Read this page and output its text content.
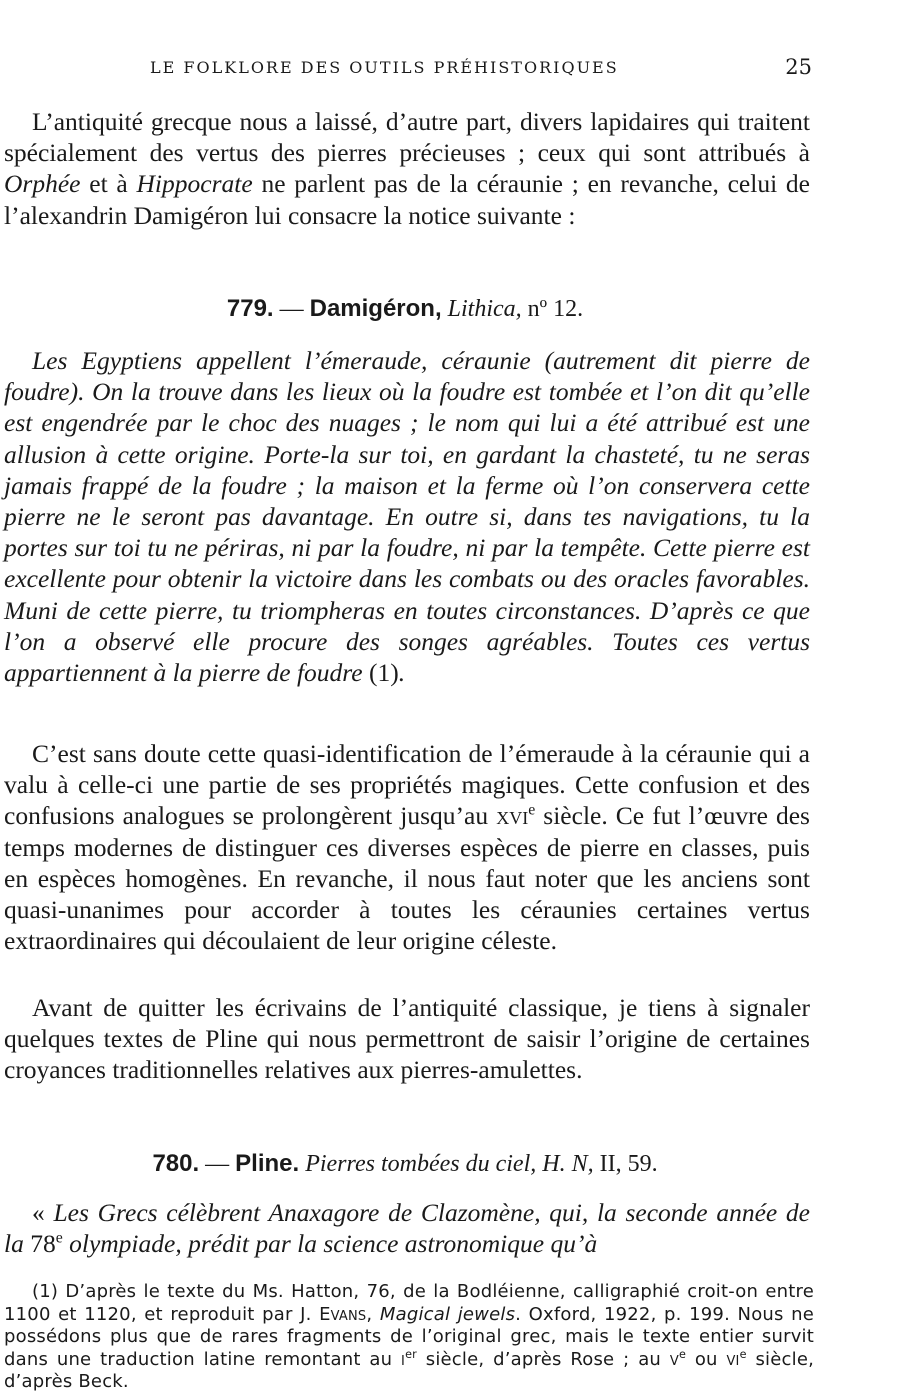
LE FOLKLORE DES OUTILS PRÉHISTORIQUES	25

L’antiquité grecque nous a laissé, d’autre part, divers lapidaires qui traitent spécialement des vertus des pierres précieuses ; ceux qui sont attribués à Orphée et à Hippocrate ne parlent pas de la céraunie ; en revanche, celui de l’alexandrin Damigéron lui consacre la notice suivante :

779. — Damigéron, Lithica, nº 12.

Les Egyptiens appellent l’émeraude, céraunie (autrement dit pierre de foudre). On la trouve dans les lieux où la foudre est tombée et l’on dit qu’elle est engendrée par le choc des nuages ; le nom qui lui a été attribué est une allusion à cette origine. Porte-la sur toi, en gardant la chasteté, tu ne seras jamais frappé de la foudre ; la maison et la ferme où l’on conservera cette pierre ne le seront pas davantage. En outre si, dans tes navigations, tu la portes sur toi tu ne périras, ni par la foudre, ni par la tempête. Cette pierre est excellente pour obtenir la victoire dans les combats ou des oracles favorables. Muni de cette pierre, tu triompheras en toutes circonstances. D’après ce que l’on a observé elle procure des songes agréables. Toutes ces vertus appartiennent à la pierre de foudre (1).

C’est sans doute cette quasi-identification de l’émeraude à la céraunie qui a valu à celle-ci une partie de ses propriétés magiques. Cette confusion et des confusions analogues se prolongèrent jusqu’au xvi$^e$ siècle. Ce fut l’œuvre des temps modernes de distinguer ces diverses espèces de pierre en classes, puis en espèces homogènes. En revanche, il nous faut noter que les anciens sont quasi-unanimes pour accorder à toutes les céraunies certaines vertus extraordinaires qui découlaient de leur origine céleste.

Avant de quitter les écrivains de l’antiquité classique, je tiens à signaler quelques textes de Pline qui nous permettront de saisir l’origine de certaines croyances traditionnelles relatives aux pierres-amulettes.

780. — Pline. Pierres tombées du ciel, H. N, II, 59.

« Les Grecs célèbrent Anaxagore de Clazomène, qui, la seconde année de la 78e olympiade, prédit par la science astronomique qu’à

(1) D’après le texte du Ms. Hatton, 76, de la Bodléienne, calligraphié croit-on entre 1100 et 1120, et reproduit par J. Evans, Magical jewels. Oxford, 1922, p. 199. Nous ne possédons plus que de rares fragments de l’original grec, mais le texte entier survit dans une traduction latine remontant au $i^{er}$ siècle, d’après Rose ; au $v^e$ ou $vi^e$ siècle, d’après Beck.
